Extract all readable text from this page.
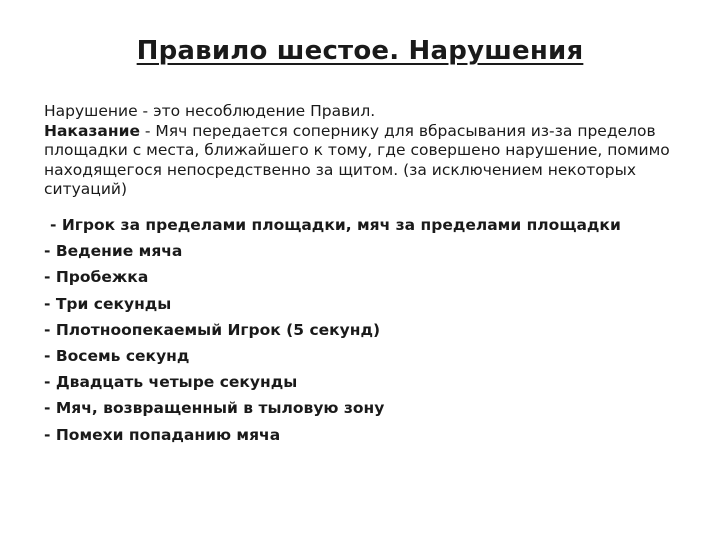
Правило шестое. Нарушения

Нарушение - это несоблюдение Правил.

Наказание - Мяч передается сопернику для вбрасывания из-за пределов площадки с места, ближайшего к тому, где совершено нарушение, помимо находящегося непосредственно за щитом. (за исключением некоторых ситуаций)

- Игрок за пределами площадки, мяч за пределами площадки
- Ведение мяча
- Пробежка
- Три секунды
- Плотноопекаемый Игрок (5 секунд)
- Восемь секунд
- Двадцать четыре секунды
- Мяч, возвращенный в тыловую зону
- Помехи попаданию мяча
